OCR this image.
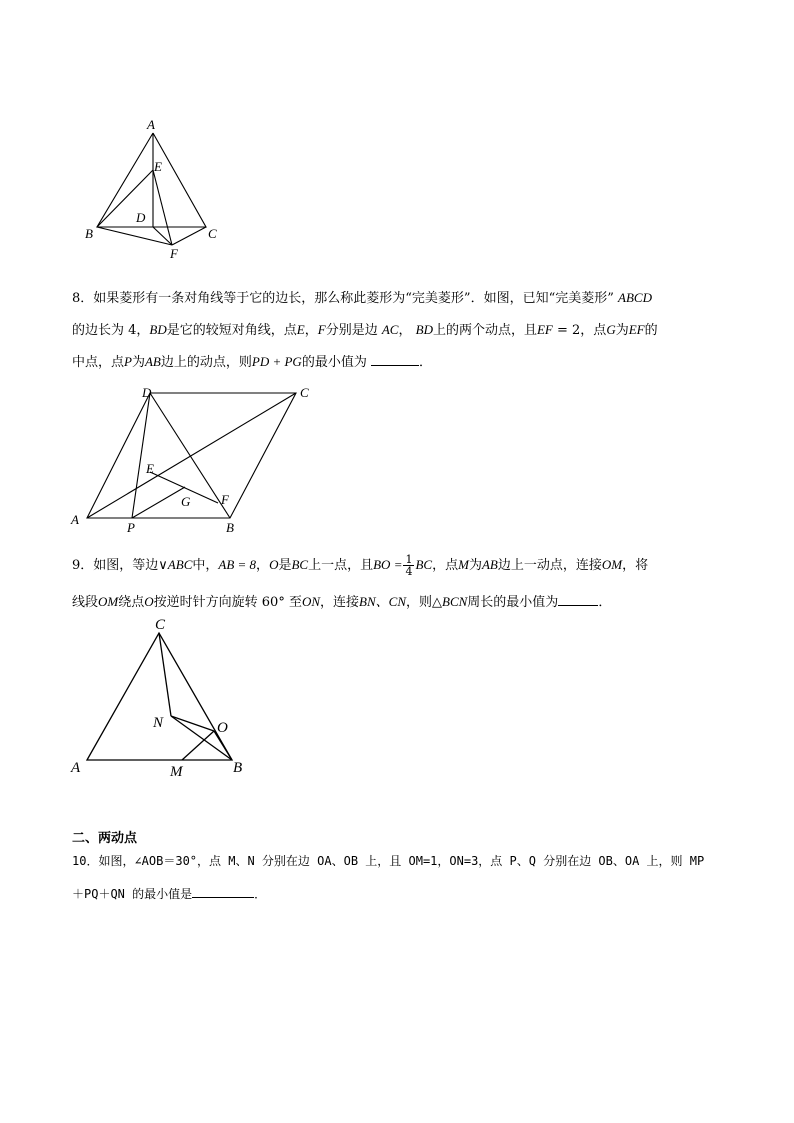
A
E
D
B	C
F
8．如果菱形有一条对角线等于它的边长，那么称此菱形为“完美菱形”．如图，已知“完美菱形” ABCD
的边长为 4，BD是它的较短对角线，点E，F分别是边 AC， BD上的两个动点，且EF = 2，点G为EF的
中点，点P为AB边上的动点，则PD + PG的最小值为	．
D	C
E
G F
A
P	B
9．如图，等边∨ABC中，AB = 8，O是BC上一点，且BO = $\frac{1}{4}$ BC，点M为AB边上一动点，连接OM，将
线段OM绕点O按逆时针方向旋转 60° 至ON，连接BN、CN，则△BCN周长的最小值为	．
C
N	O
A	M	B
二、两动点
10．如图，∠AOB＝30°，点 M、N 分别在边 OA、OB 上，且 OM=1，ON=3，点 P、Q 分别在边 OB、OA 上，则 MP
＋PQ＋QN 的最小值是	．
